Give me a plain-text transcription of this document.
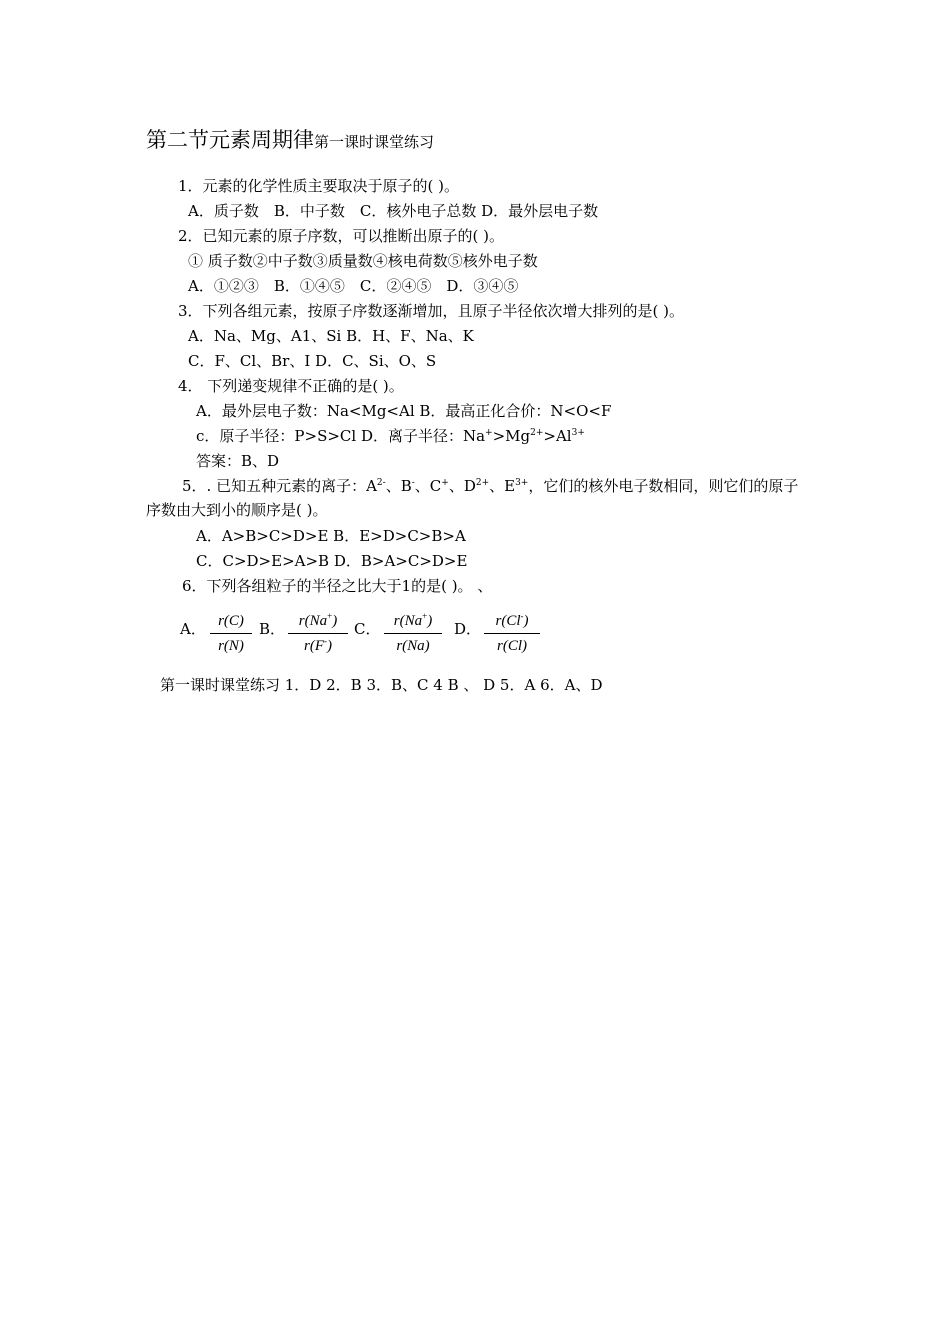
第二节元素周期律第一课时课堂练习
1．元素的化学性质主要取决于原子的( )。
A．质子数　B．中子数　C．核外电子总数 D．最外层电子数
2．已知元素的原子序数，可以推断出原子的( )。
① 质子数②中子数③质量数④核电荷数⑤核外电子数
A．①②③　B．①④⑤　C．②④⑤　D．③④⑤
3．下列各组元素，按原子序数逐渐增加，且原子半径依次增大排列的是( )。
A．Na、Mg、A1、Si B．H、F、Na、K
C．F、Cl、Br、I D．C、Si、O、S
4． 下列递变规律不正确的是( )。
A．最外层电子数：Na<Mg<Al B．最高正化合价：N<O<F
c．原子半径：P>S>Cl D．离子半径：$Na^+>Mg^{2+}>Al^{3+}$
答案：B、D
5．. 已知五种元素的离子：$A^{2-}$、B-、C+、$D^{2+}$、$E^{3+}$，它们的核外电子数相同，则它们的原子
序数由大到小的顺序是( )。
A．A>B>C>D>E B．E>D>C>B>A
C．C>D>E>A>B D．B>A>C>D>E
6．下列各组粒子的半径之比大于1的是( )。 、
A． r(C)
r(N)
B． r(Na+)
r(F-)
C． r(Na+)
r(Na)
D． r(Cl-)
r(Cl)
第一课时课堂练习 1．D 2．B 3．B、C 4 B 、 D 5．A 6．A、D
